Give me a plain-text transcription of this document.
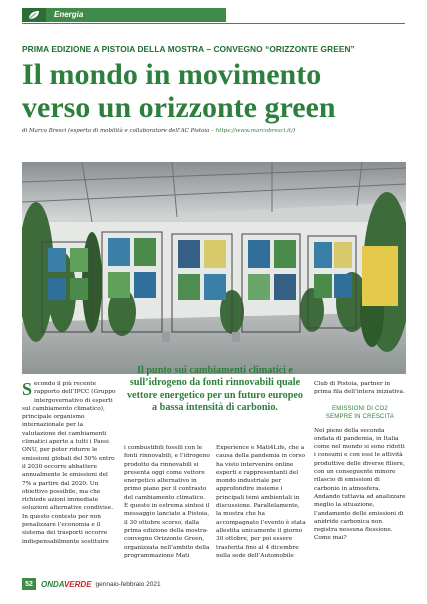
Energia
PRIMA EDIZIONE A PISTOIA DELLA MOSTRA – CONVEGNO “ORIZZONTE GREEN”
Il mondo in movimento
verso un orizzonte green
di Marco Bresci (esperto di mobilità e collaboratore dell’AC Pistoia – https://www.marcobresci.it/)
S econdo il più recente rapporto dell’IPCC (Gruppo intergovernativo di esperti sul cambiamento climatico), principale organismo internazionale per la valutazione dei cambiamenti climatici aperto a tutti i Paesi ONU, per poter ridurre le emissioni globali del 50% entro il 2030 occorre abbattere annualmente le emissioni del 7% a partire dal 2020. Un obiettivo possibile, ma che richiede azioni immediate soluzioni alternative condivise.

In questo contesto per non penalizzare l’economia e il sistema dei trasporti occorre indispensabilmente sostituire

Il punto sui cambiamenti climatici e sull’idrogeno da fonti rinnovabili quale vettore energetico per un futuro europeo a bassa intensità di carbonio.

i combustibili fossili con le fonti rinnovabili, e l’idrogeno prodotto da rinnovabili si presenta oggi come vettore energetico alternativo in primo piano per il contrasto del cambiamento climatico. È questo in estrema sintesi il messaggio lanciato a Pistoia, il 30 ottobre scorso, dalla prima edizione della mostra-convegno Orizzonte Green, organizzata nell’ambito della programmazione Mati

Experience e Mati4Life, che a causa della pandemia in corso ha visto intervenire online esperti e rappresentanti del mondo industriale per approfondire insieme i principali temi ambientali in discussione. Parallelamente, la mostra che ha accompagnato l’evento è stata allestita unicamente il giorno 30 ottobre, per poi essere trasferita fino al 4 dicembre nella sede dell’Automobile

Club di Pistoia, partner in prima fila dell’intera iniziativa.

EMISSIONI DI CO2
SEMPRE IN CRESCITA

Nel pieno della seconda ondata di pandemia, in Italia come nel mondo si sono ridotti i consumi e con essi le attività produttive delle diverse filiere, con un conseguente minore rilascio di emissioni di carbonio in atmosfera. Andando tuttavia ad analizzare meglio la situazione, l’andamento delle emissioni di anidride carbonica non registra nessuna flessione. Come mai?

52	ONDAVERDE gennaio-febbraio 2021
